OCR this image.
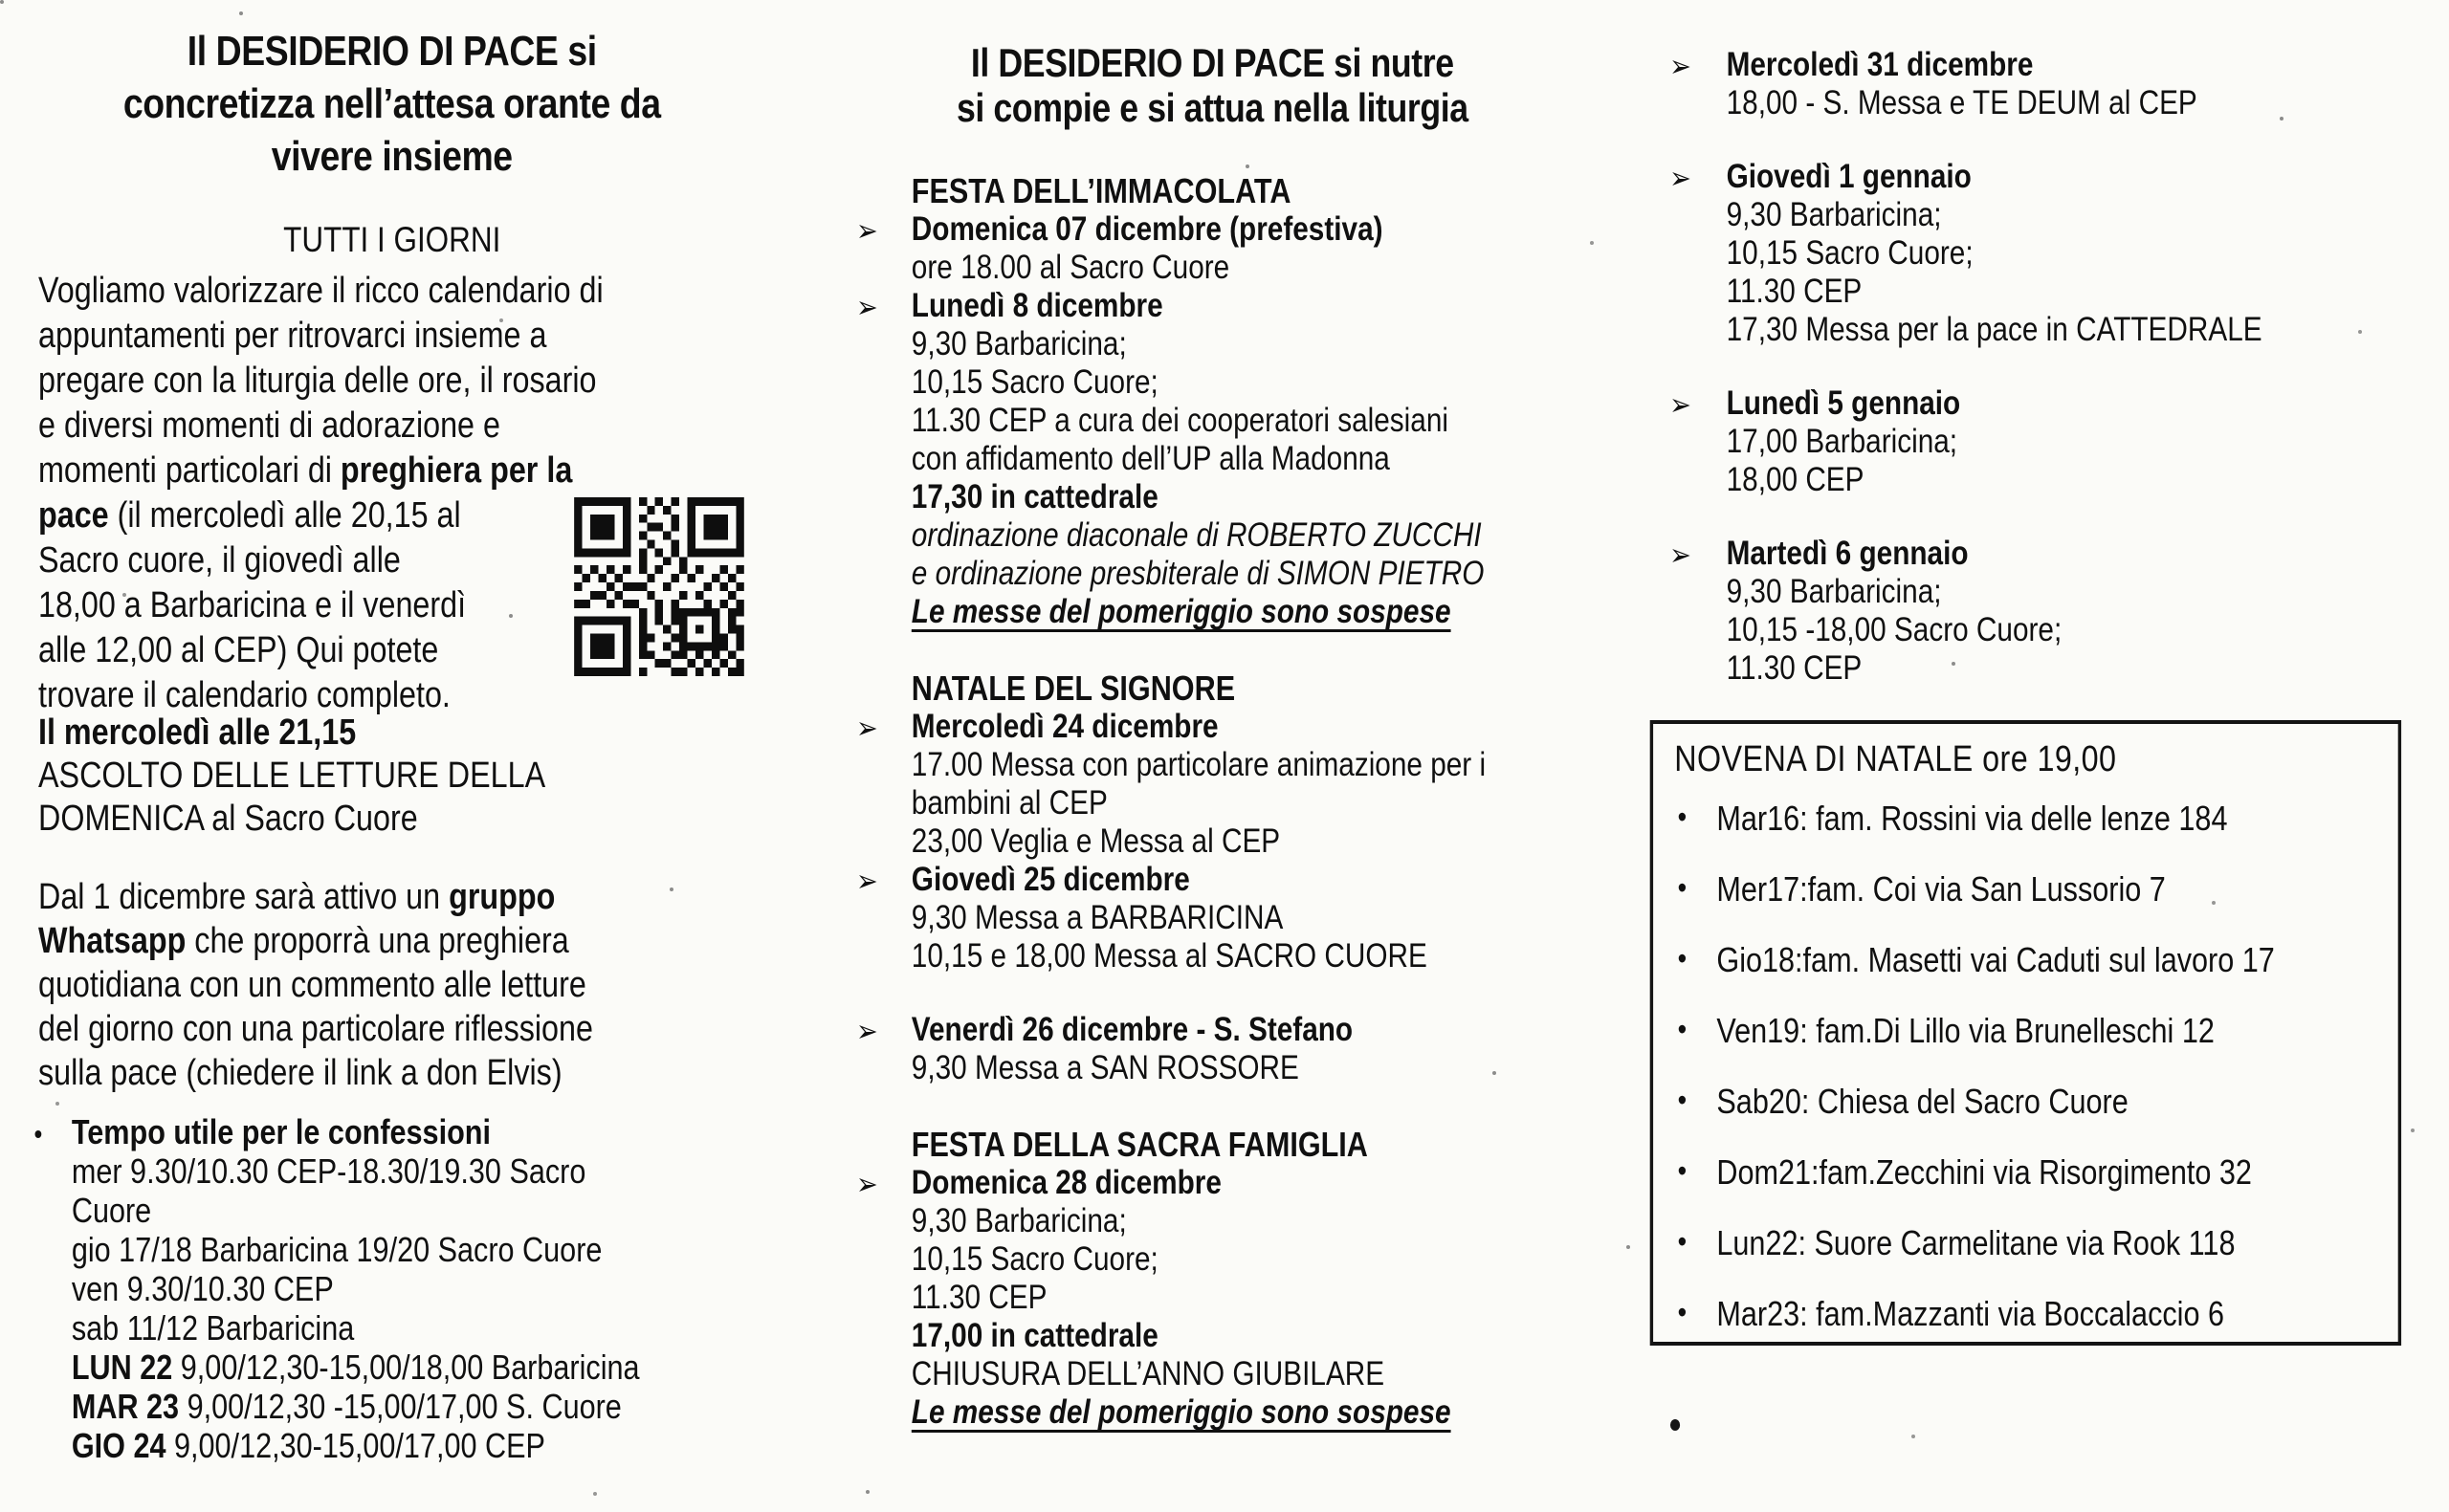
Il DESIDERIO DI PACE si
concretizza nell’attesa orante da
vivere insieme
TUTTI I GIORNI
Vogliamo valorizzare il ricco calendario di
appuntamenti per ritrovarci insieme a
pregare con la liturgia delle ore, il rosario
e diversi momenti di adorazione e
momenti particolari di preghiera per la
pace (il mercoledì alle 20,15 al
Sacro cuore, il giovedì alle
18,00 a Barbaricina e il venerdì
alle 12,00 al CEP) Qui potete
trovare il calendario completo.
Il mercoledì alle 21,15
ASCOLTO DELLE LETTURE DELLA
DOMENICA al Sacro Cuore
Dal 1 dicembre sarà attivo un gruppo
Whatsapp che proporrà una preghiera
quotidiana con un commento alle letture
del giorno con una particolare riflessione
sulla pace (chiedere il link a don Elvis)
• Tempo utile per le confessioni
mer 9.30/10.30 CEP-18.30/19.30 Sacro
Cuore
gio 17/18 Barbaricina 19/20 Sacro Cuore
ven 9.30/10.30 CEP
sab 11/12 Barbaricina
LUN 22 9,00/12,30-15,00/18,00 Barbaricina
MAR 23 9,00/12,30 -15,00/17,00 S. Cuore
GIO 24 9,00/12,30-15,00/17,00 CEP
Il DESIDERIO DI PACE si nutre
si compie e si attua nella liturgia
FESTA DELL’IMMACOLATA
➢ Domenica 07 dicembre (prefestiva)
ore 18.00 al Sacro Cuore
➢ Lunedì 8 dicembre
9,30 Barbaricina;
10,15 Sacro Cuore;
11.30 CEP a cura dei cooperatori salesiani
con affidamento dell’UP alla Madonna
17,30 in cattedrale
ordinazione diaconale di ROBERTO ZUCCHI
e ordinazione presbiterale di SIMON PIETRO
Le messe del pomeriggio sono sospese
NATALE DEL SIGNORE
➢ Mercoledì 24 dicembre
17.00 Messa con particolare animazione per i
bambini al CEP
23,00 Veglia e Messa al CEP
➢ Giovedì 25 dicembre
9,30 Messa a BARBARICINA
10,15 e 18,00 Messa al SACRO CUORE
➢ Venerdì 26 dicembre - S. Stefano
9,30 Messa a SAN ROSSORE
FESTA DELLA SACRA FAMIGLIA
➢ Domenica 28 dicembre
9,30 Barbaricina;
10,15 Sacro Cuore;
11.30 CEP
17,00 in cattedrale
CHIUSURA DELL’ANNO GIUBILARE
Le messe del pomeriggio sono sospese
➢ Mercoledì 31 dicembre
18,00 - S. Messa e TE DEUM al CEP
➢ Giovedì 1 gennaio
9,30 Barbaricina;
10,15 Sacro Cuore;
11.30 CEP
17,30 Messa per la pace in CATTEDRALE
➢ Lunedì 5 gennaio
17,00 Barbaricina;
18,00 CEP
➢ Martedì 6 gennaio
9,30 Barbaricina;
10,15 -18,00 Sacro Cuore;
11.30 CEP
NOVENA DI NATALE ore 19,00
• Mar16: fam. Rossini via delle lenze 184
• Mer17:fam. Coi via San Lussorio 7
• Gio18:fam. Masetti vai Caduti sul lavoro 17
• Ven19: fam.Di Lillo via Brunelleschi 12
• Sab20: Chiesa del Sacro Cuore
• Dom21:fam.Zecchini via Risorgimento 32
• Lun22: Suore Carmelitane via Rook 118
• Mar23: fam.Mazzanti via Boccalaccio 6
